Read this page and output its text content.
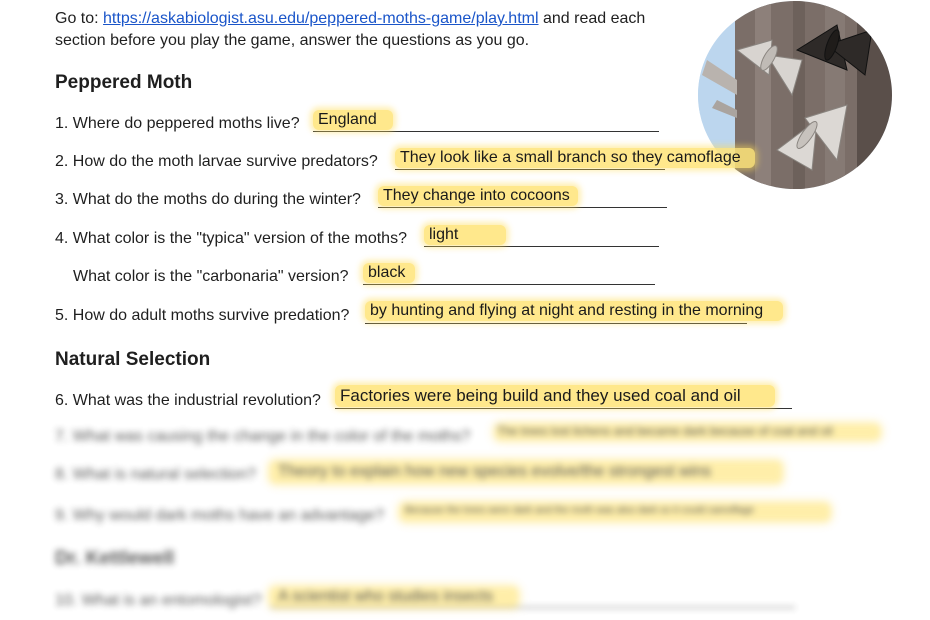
Go to: https://askabiologist.asu.edu/peppered-moths-game/play.html and read each
section before you play the game, answer the questions as you go.
Peppered Moth
1. Where do peppered moths live? England
2. How do the moth larvae survive predators? They look like a small branch so they camoflage
3. What do the moths do during the winter? They change into cocoons
4. What color is the "typica" version of the moths? light
What color is the "carbonaria" version? black
5. How do adult moths survive predation? by hunting and flying at night and resting in the morning
Natural Selection
6. What was the industrial revolution? Factories were being build and they used coal and oil
7. What was causing the change in the color of the moths? The trees lost lichens and became dark because of coal and oil
8. What is natural selection? Theory to explain how new species evolve/the strongest wins
9. Why would dark moths have an advantage? Because the trees were dark and the moth was also dark so it could camoflage
Dr. Kettlewell
10. What is an entomologist? A scientist who studies insects
